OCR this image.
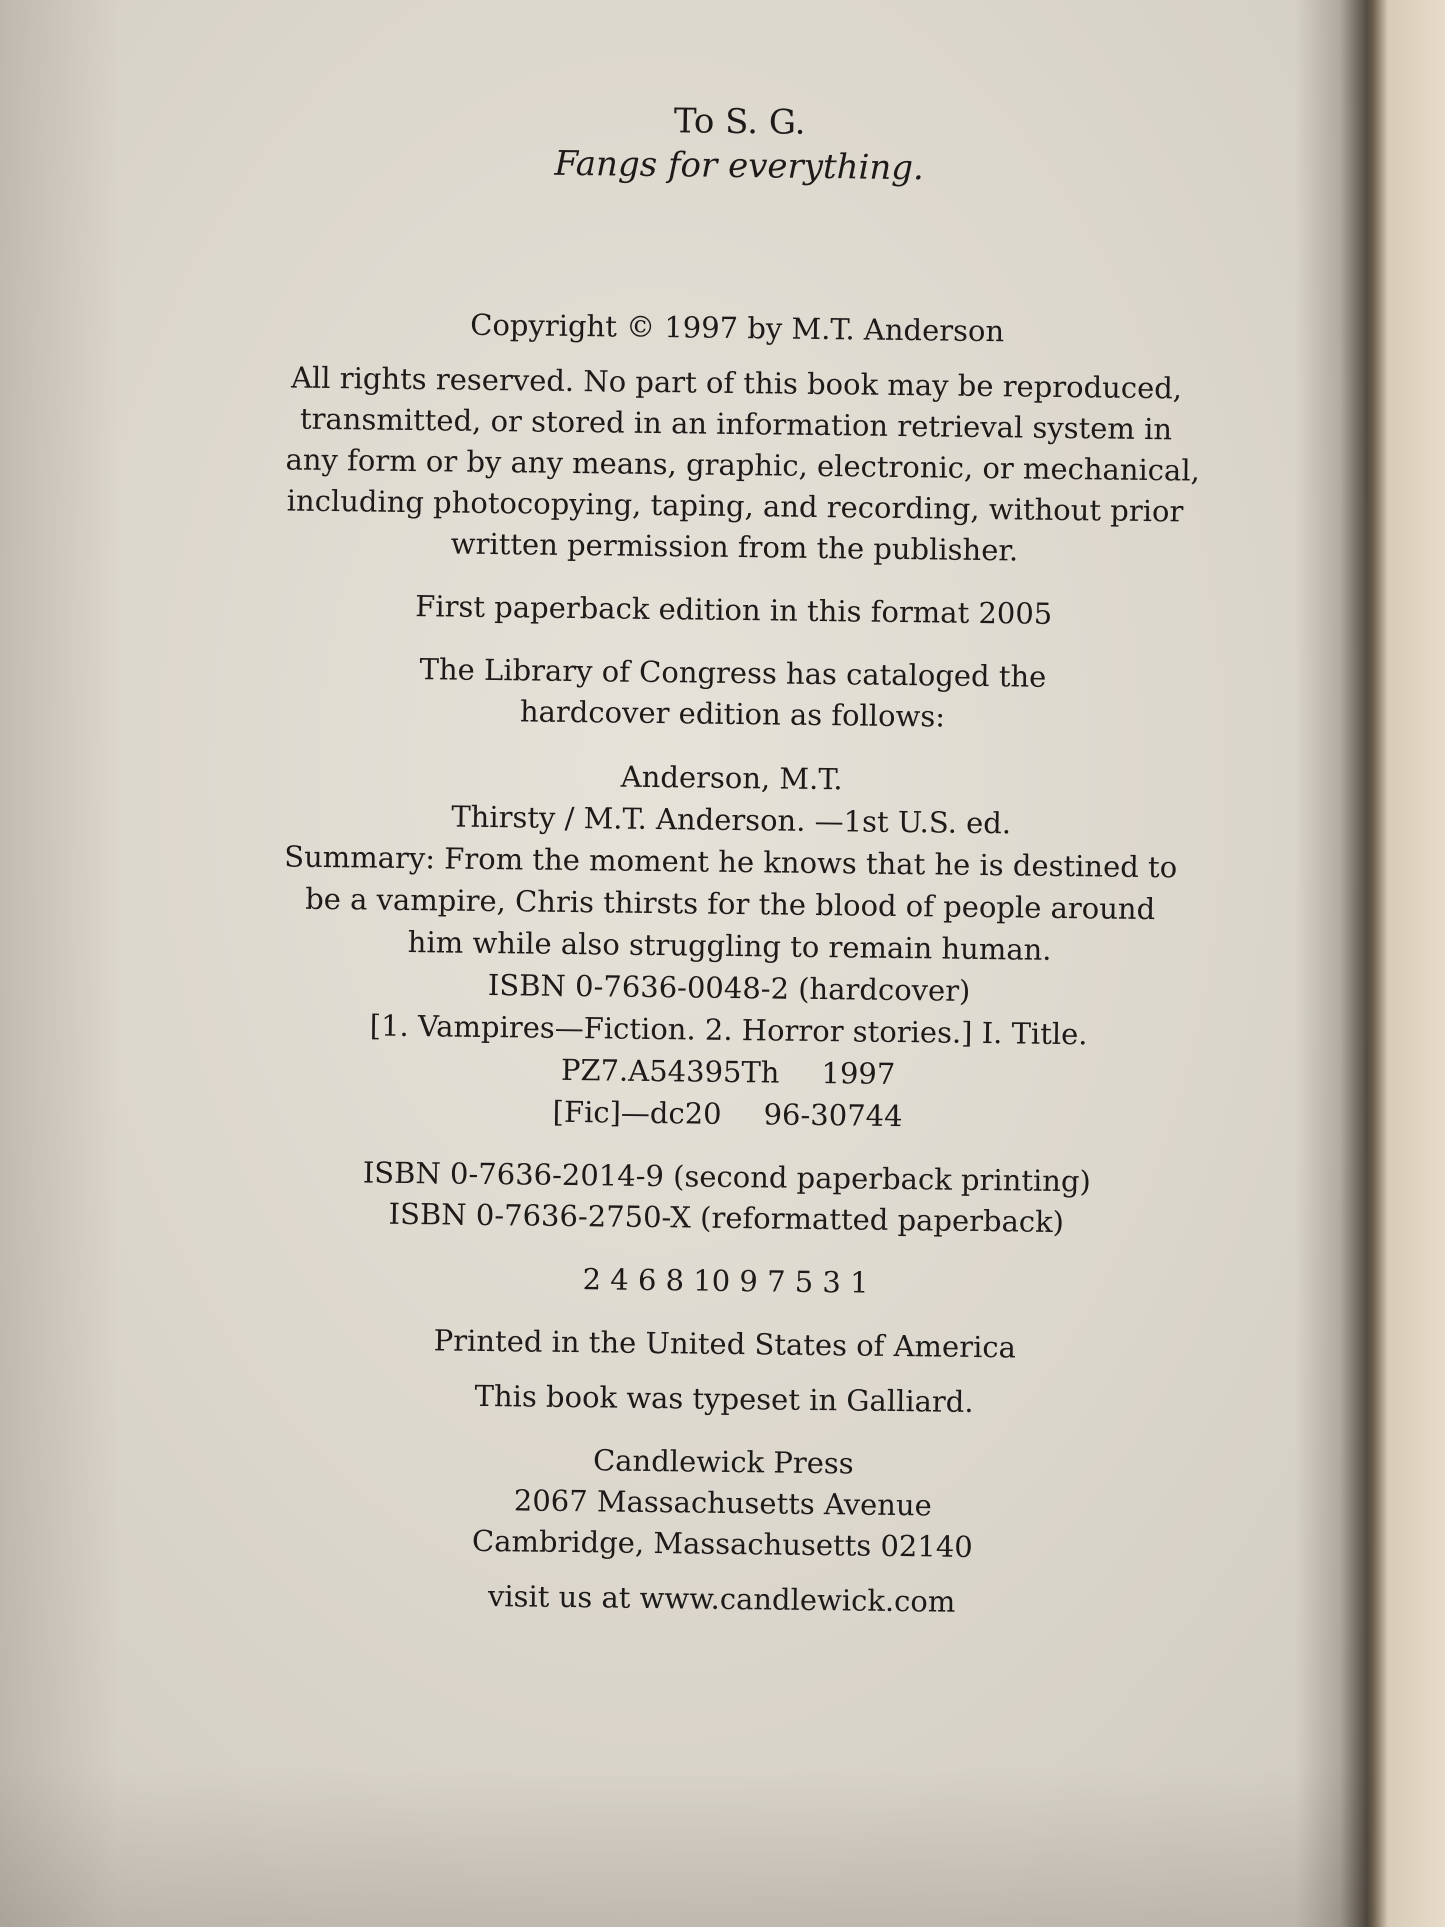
To S. G.
Fangs for everything.
Copyright © 1997 by M.T. Anderson
All rights reserved. No part of this book may be reproduced,
transmitted, or stored in an information retrieval system in
any form or by any means, graphic, electronic, or mechanical,
including photocopying, taping, and recording, without prior
written permission from the publisher.
First paperback edition in this format 2005
The Library of Congress has cataloged the
hardcover edition as follows:
Anderson, M.T.
Thirsty / M.T. Anderson. —1st U.S. ed.
Summary: From the moment he knows that he is destined to
be a vampire, Chris thirsts for the blood of people around
him while also struggling to remain human.
ISBN 0-7636-0048-2 (hardcover)
[1. Vampires—Fiction. 2. Horror stories.] I. Title.
PZ7.A54395Th 1997
[Fic]—dc20 96-30744
ISBN 0-7636-2014-9 (second paperback printing)
ISBN 0-7636-2750-X (reformatted paperback)
2 4 6 8 10 9 7 5 3 1
Printed in the United States of America
This book was typeset in Galliard.
Candlewick Press
2067 Massachusetts Avenue
Cambridge, Massachusetts 02140
visit us at www.candlewick.com
